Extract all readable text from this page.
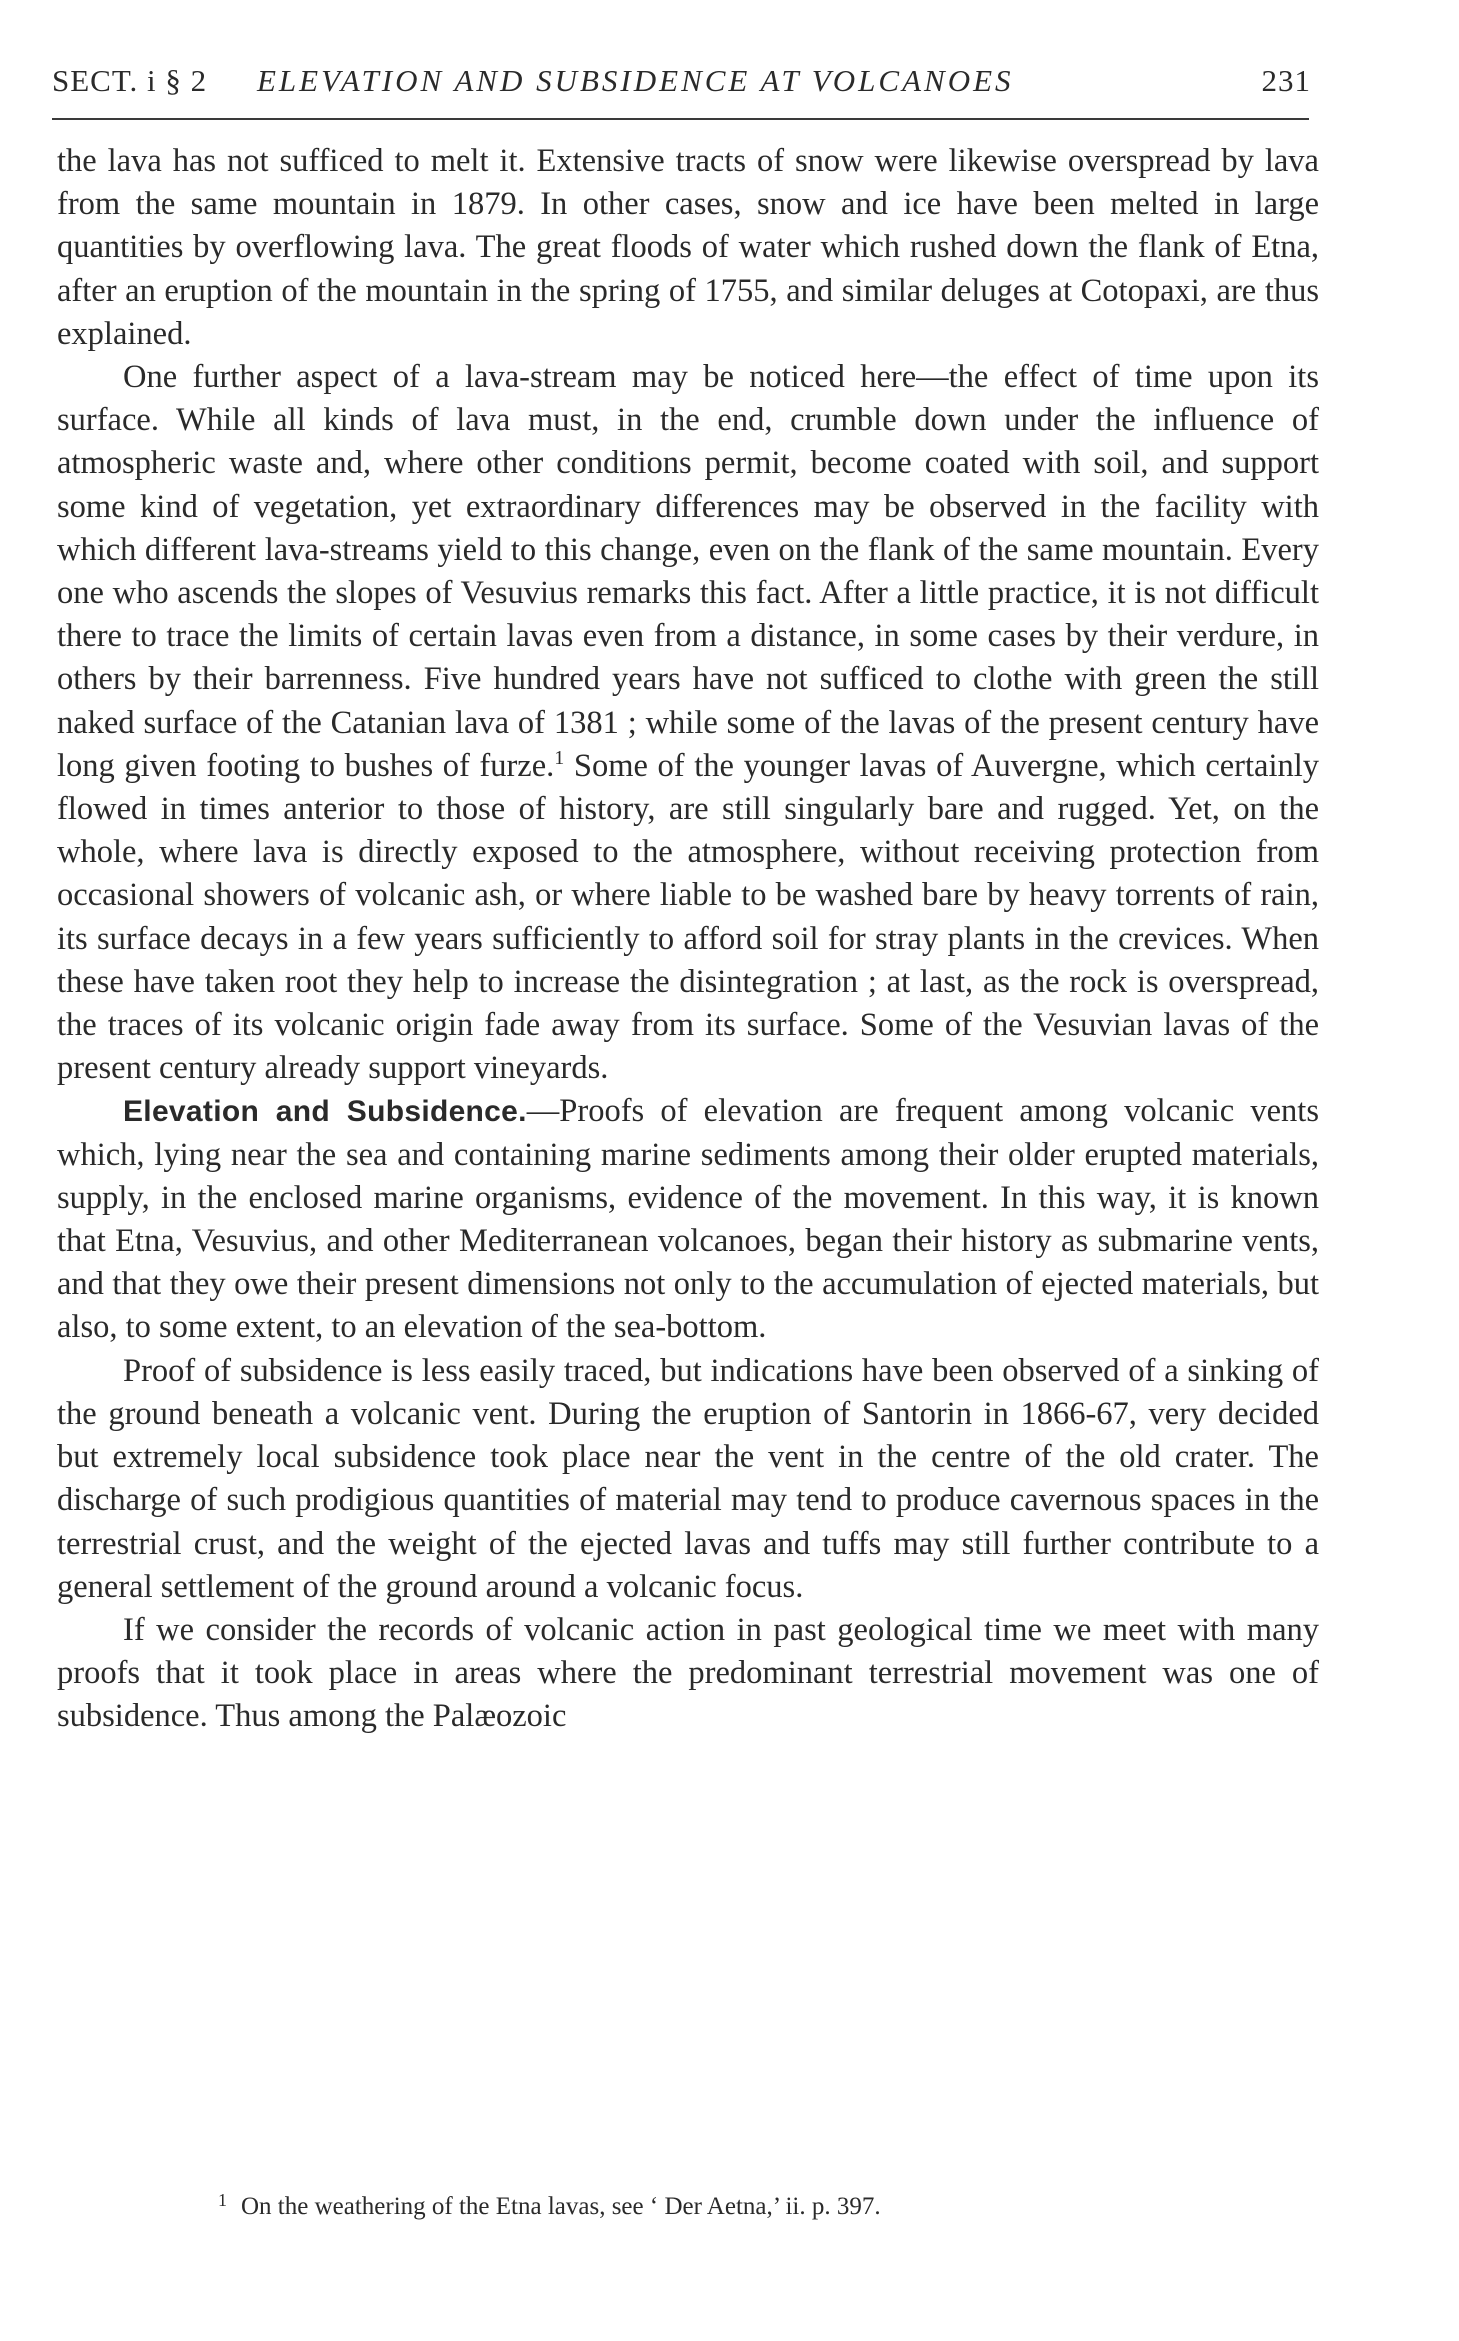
SECT. i § 2 ELEVATION AND SUBSIDENCE AT VOLCANOES	231

the lava has not sufficed to melt it. Extensive tracts of snow were likewise overspread by lava from the same mountain in 1879. In other cases, snow and ice have been melted in large quantities by overflowing lava. The great floods of water which rushed down the flank of Etna, after an eruption of the mountain in the spring of 1755, and similar deluges at Cotopaxi, are thus explained.

One further aspect of a lava-stream may be noticed here—the effect of time upon its surface. While all kinds of lava must, in the end, crumble down under the influence of atmospheric waste and, where other conditions permit, become coated with soil, and support some kind of vegetation, yet extraordinary differences may be observed in the facility with which different lava-streams yield to this change, even on the flank of the same mountain. Every one who ascends the slopes of Vesuvius remarks this fact. After a little practice, it is not difficult there to trace the limits of certain lavas even from a distance, in some cases by their verdure, in others by their barrenness. Five hundred years have not sufficed to clothe with green the still naked surface of the Catanian lava of 1381 ; while some of the lavas of the present century have long given footing to bushes of furze.$^1$ Some of the younger lavas of Auvergne, which certainly flowed in times anterior to those of history, are still singularly bare and rugged. Yet, on the whole, where lava is directly exposed to the atmosphere, without receiving protection from occasional showers of volcanic ash, or where liable to be washed bare by heavy torrents of rain, its surface decays in a few years sufficiently to afford soil for stray plants in the crevices. When these have taken root they help to increase the disintegration ; at last, as the rock is overspread, the traces of its volcanic origin fade away from its surface. Some of the Vesuvian lavas of the present century already support vineyards.

Elevation and Subsidence.—Proofs of elevation are frequent among volcanic vents which, lying near the sea and containing marine sediments among their older erupted materials, supply, in the enclosed marine organisms, evidence of the movement. In this way, it is known that Etna, Vesuvius, and other Mediterranean volcanoes, began their history as submarine vents, and that they owe their present dimensions not only to the accumulation of ejected materials, but also, to some extent, to an elevation of the sea-bottom.

Proof of subsidence is less easily traced, but indications have been observed of a sinking of the ground beneath a volcanic vent. During the eruption of Santorin in 1866-67, very decided but extremely local subsidence took place near the vent in the centre of the old crater. The discharge of such prodigious quantities of material may tend to produce cavernous spaces in the terrestrial crust, and the weight of the ejected lavas and tuffs may still further contribute to a general settlement of the ground around a volcanic focus.

If we consider the records of volcanic action in past geological time we meet with many proofs that it took place in areas where the predominant terrestrial movement was one of subsidence. Thus among the Palæozoic

$^1$ On the weathering of the Etna lavas, see ‘ Der Aetna,’ ii. p. 397.
